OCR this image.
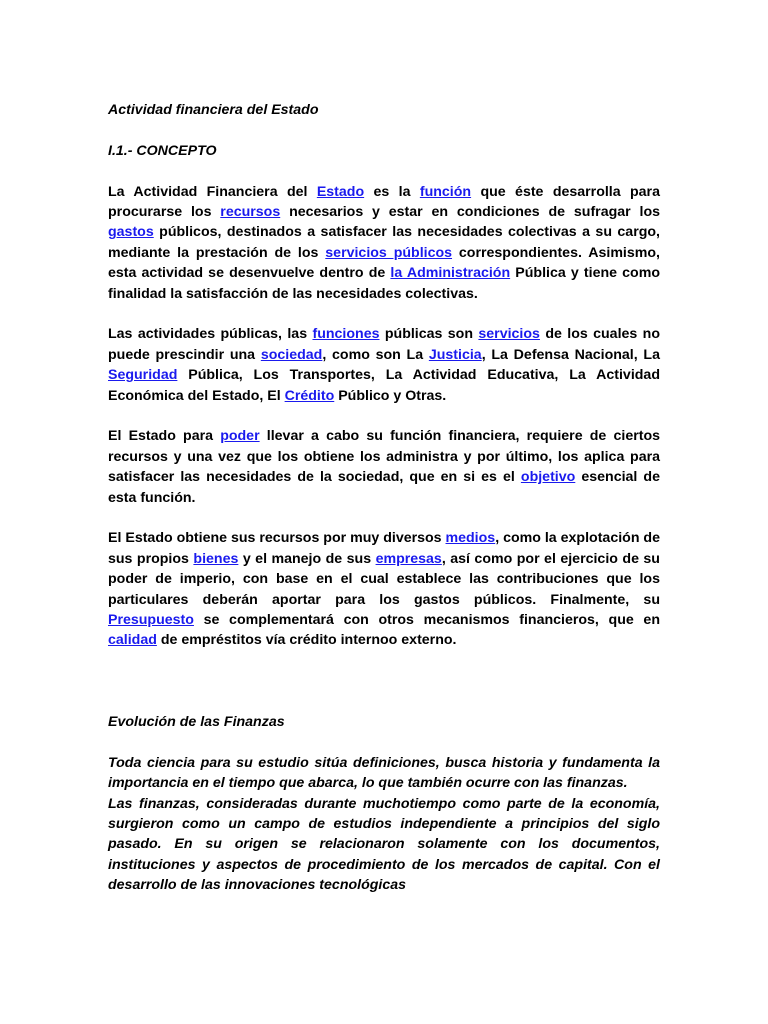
Actividad financiera del Estado

I.1.- CONCEPTO

La Actividad Financiera del Estado es la función que éste desarrolla para procurarse los recursos necesarios y estar en condiciones de sufragar los gastos públicos, destinados a satisfacer las necesidades colectivas a su cargo, mediante la prestación de los servicios públicos correspondientes. Asimismo, esta actividad se desenvuelve dentro de la Administración Pública y tiene como finalidad la satisfacción de las necesidades colectivas.

Las actividades públicas, las funciones públicas son servicios de los cuales no puede prescindir una sociedad, como son La Justicia, La Defensa Nacional, La Seguridad Pública, Los Transportes, La Actividad Educativa, La Actividad Económica del Estado, El Crédito Público y Otras.

El Estado para poder llevar a cabo su función financiera, requiere de ciertos recursos y una vez que los obtiene los administra y por último, los aplica para satisfacer las necesidades de la sociedad, que en si es el objetivo esencial de esta función.

El Estado obtiene sus recursos por muy diversos medios, como la explotación de sus propios bienes y el manejo de sus empresas, así como por el ejercicio de su poder de imperio, con base en el cual establece las contribuciones que los particulares deberán aportar para los gastos públicos. Finalmente, su Presupuesto se complementará con otros mecanismos financieros, que en calidad de empréstitos vía crédito internoo externo.

Evolución de las Finanzas

Toda ciencia para su estudio sitúa definiciones, busca historia y fundamenta la importancia en el tiempo que abarca, lo que también ocurre con las finanzas.

Las finanzas, consideradas durante muchotiempo como parte de la economía, surgieron como un campo de estudios independiente a principios del siglo pasado. En su origen se relacionaron solamente con los documentos, instituciones y aspectos de procedimiento de los mercados de capital. Con el desarrollo de las innovaciones tecnológicas
